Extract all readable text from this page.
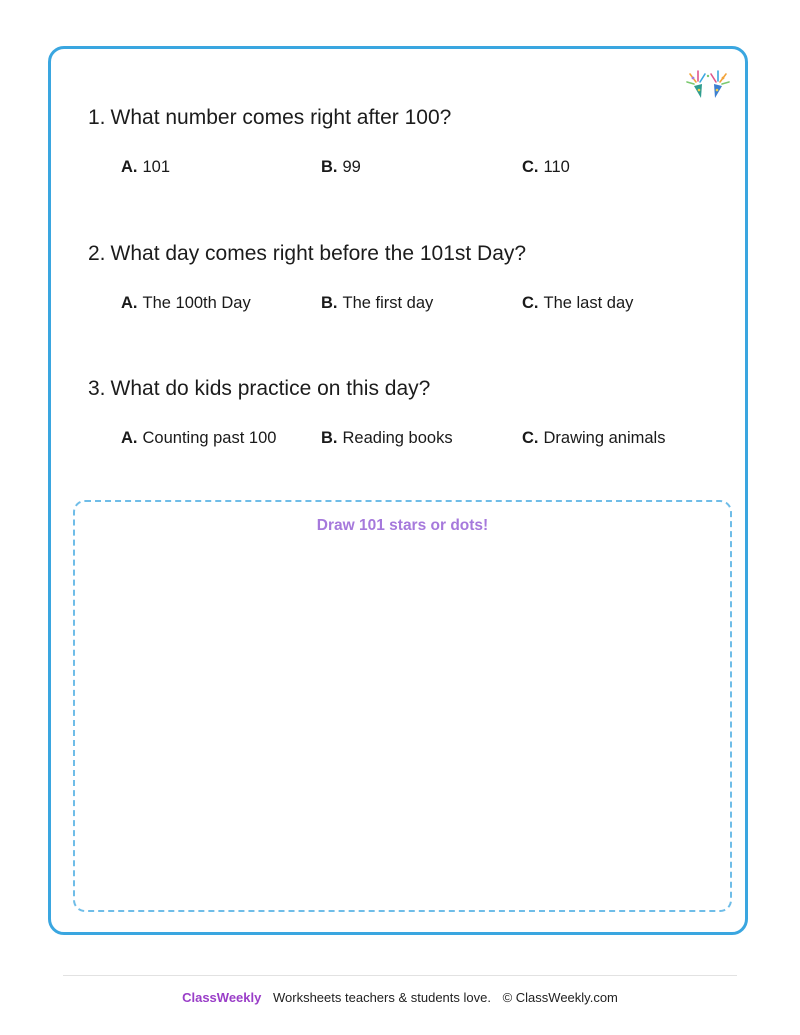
1. What number comes right after 100?

A. 101	B. 99	C. 110

2. What day comes right before the 101st Day?

A. The 100th Day	B. The first day	C. The last day

3. What do kids practice on this day?

A. Counting past 100	B. Reading books	C. Drawing animals
Draw 101 stars or dots!
ClassWeekly Worksheets teachers & students love. © ClassWeekly.com
